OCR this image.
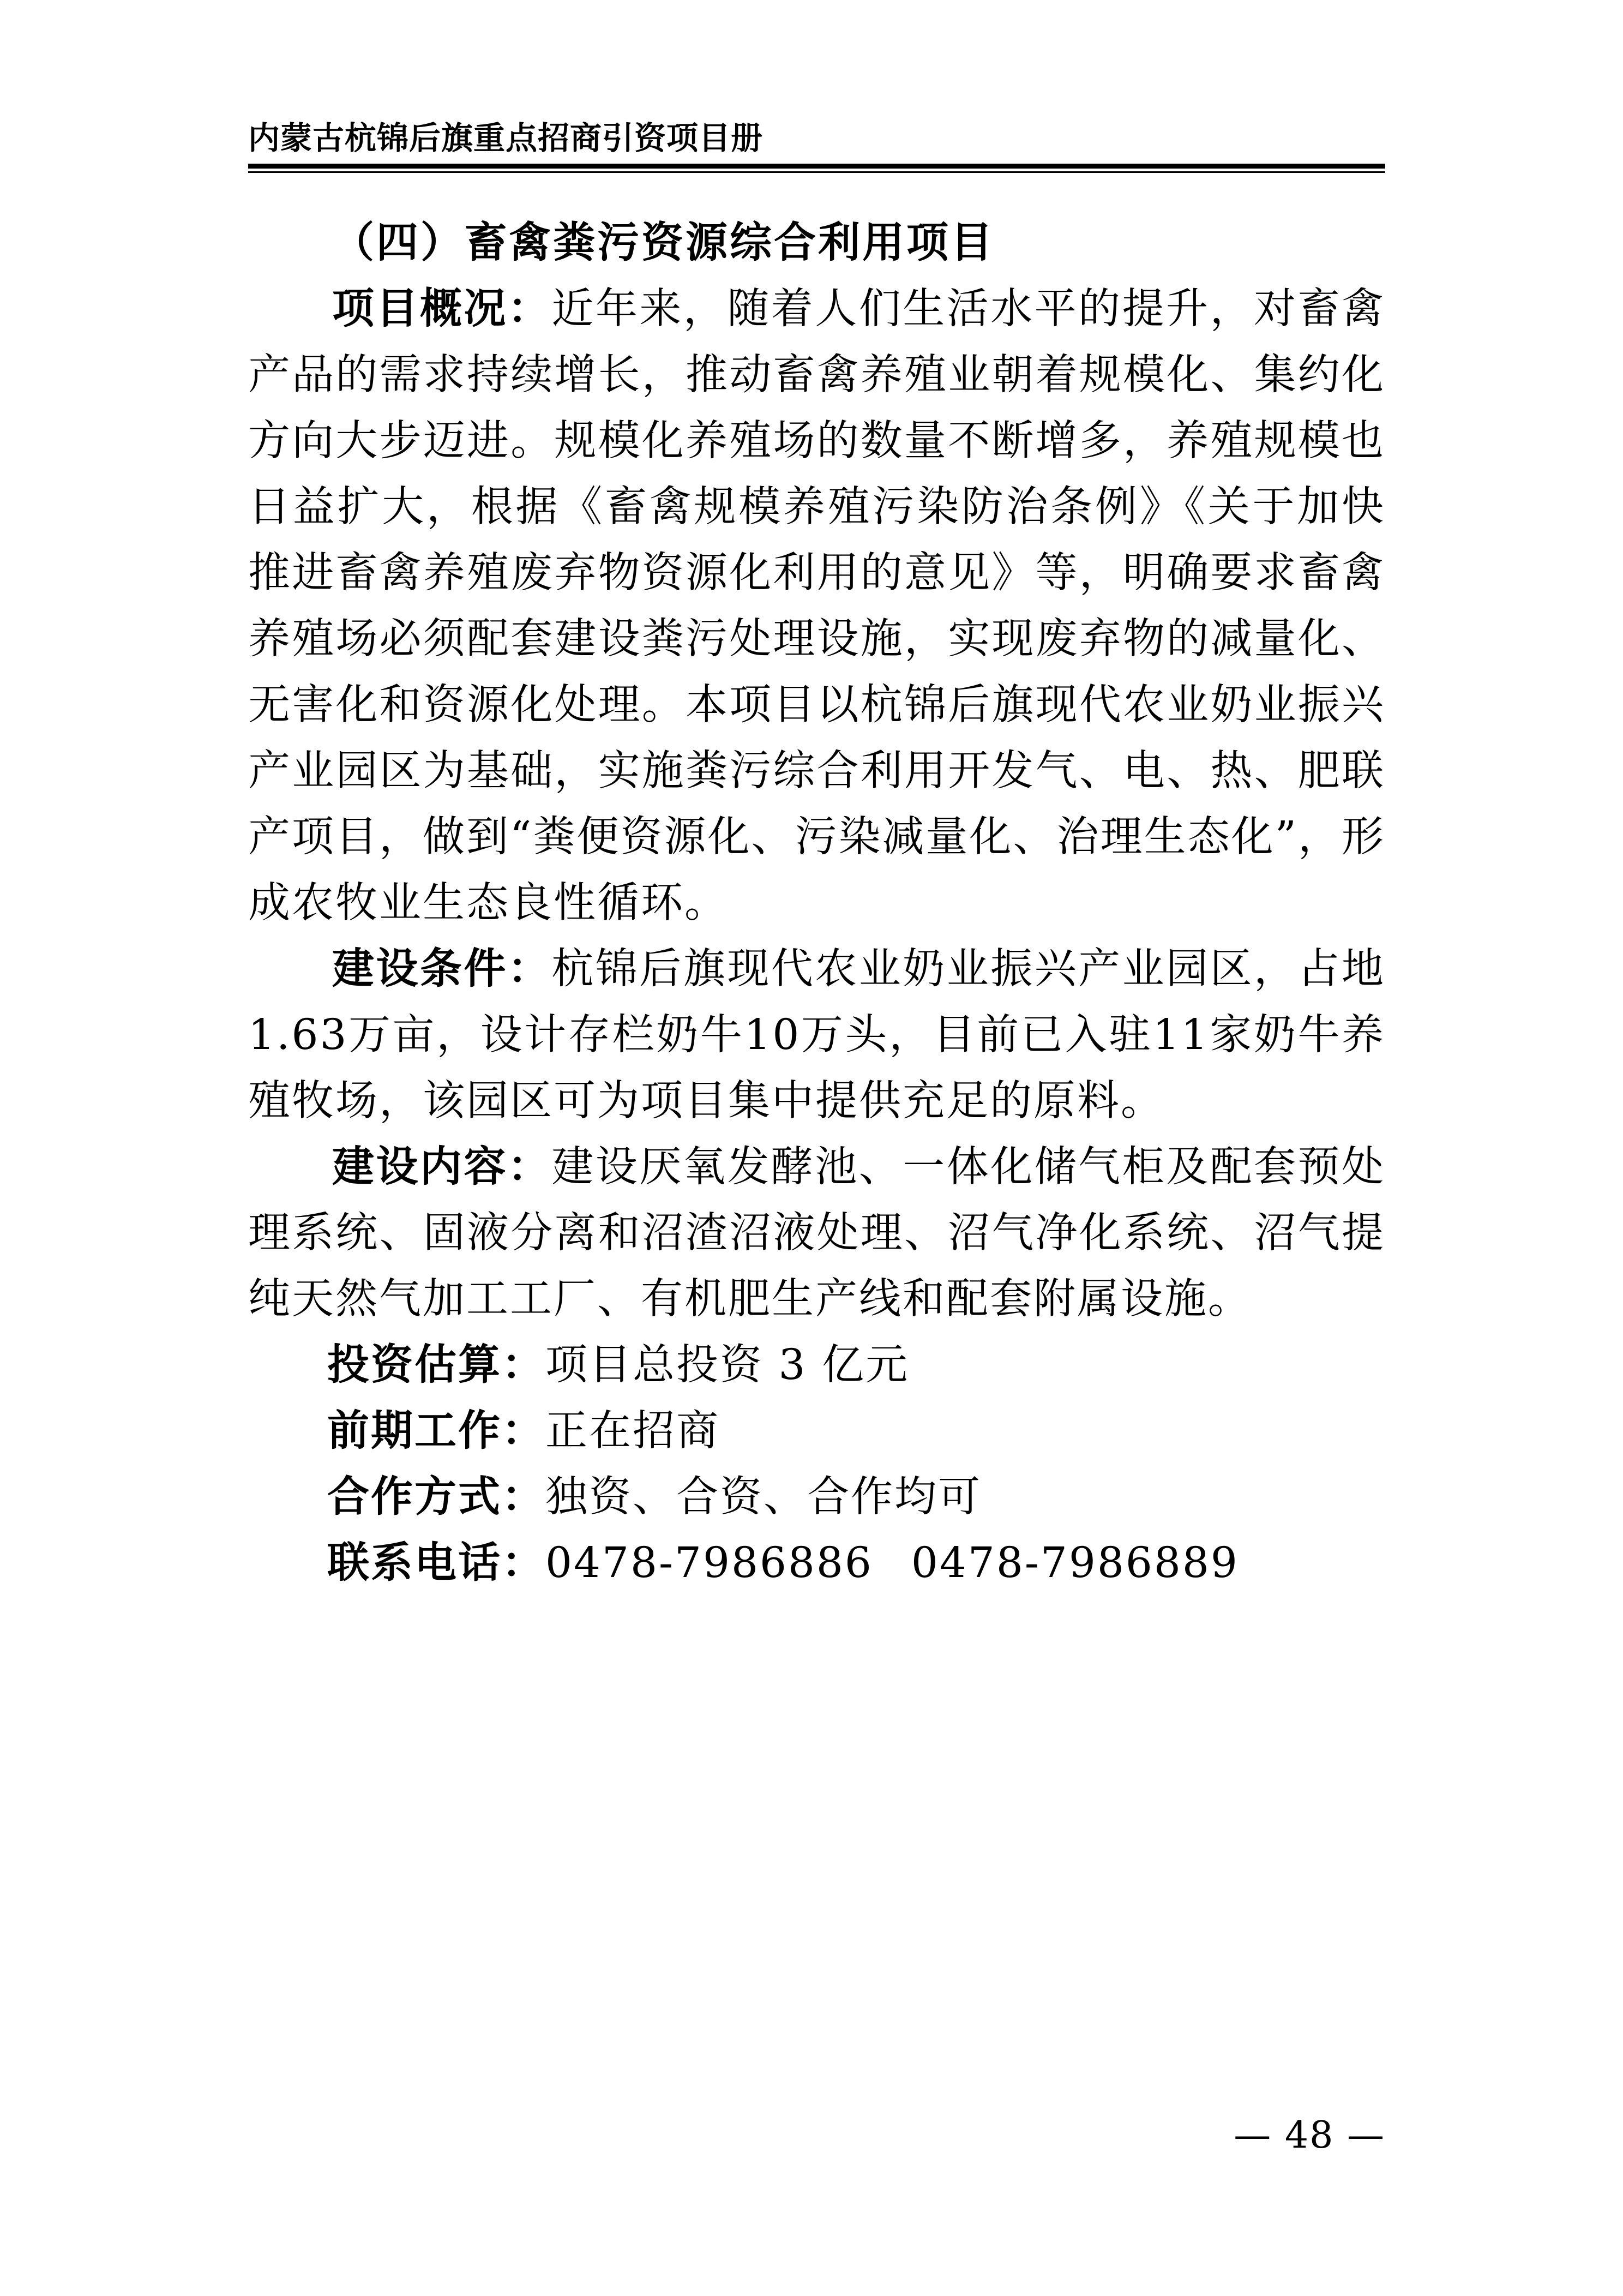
内蒙古杭锦后旗重点招商引资项目册

（四）畜禽粪污资源综合利用项目

项目概况：近年来，随着人们生活水平的提升，对畜禽产品的需求持续增长，推动畜禽养殖业朝着规模化、集约化方向大步迈进。规模化养殖场的数量不断增多，养殖规模也日益扩大，根据《畜禽规模养殖污染防治条例》《关于加快推进畜禽养殖废弃物资源化利用的意见》等，明确要求畜禽养殖场必须配套建设粪污处理设施，实现废弃物的减量化、无害化和资源化处理。本项目以杭锦后旗现代农业奶业振兴产业园区为基础，实施粪污综合利用开发气、电、热、肥联产项目，做到“粪便资源化、污染减量化、治理生态化”，形成农牧业生态良性循环。

建设条件：杭锦后旗现代农业奶业振兴产业园区，占地1.63万亩，设计存栏奶牛10万头，目前已入驻11家奶牛养殖牧场，该园区可为项目集中提供充足的原料。

建设内容：建设厌氧发酵池、一体化储气柜及配套预处理系统、固液分离和沼渣沼液处理、沼气净化系统、沼气提纯天然气加工工厂、有机肥生产线和配套附属设施。

投资估算：项目总投资 3 亿元

前期工作：正在招商

合作方式：独资、合资、合作均可

联系电话：0478-7986886 0478-7986889

— 48 —
